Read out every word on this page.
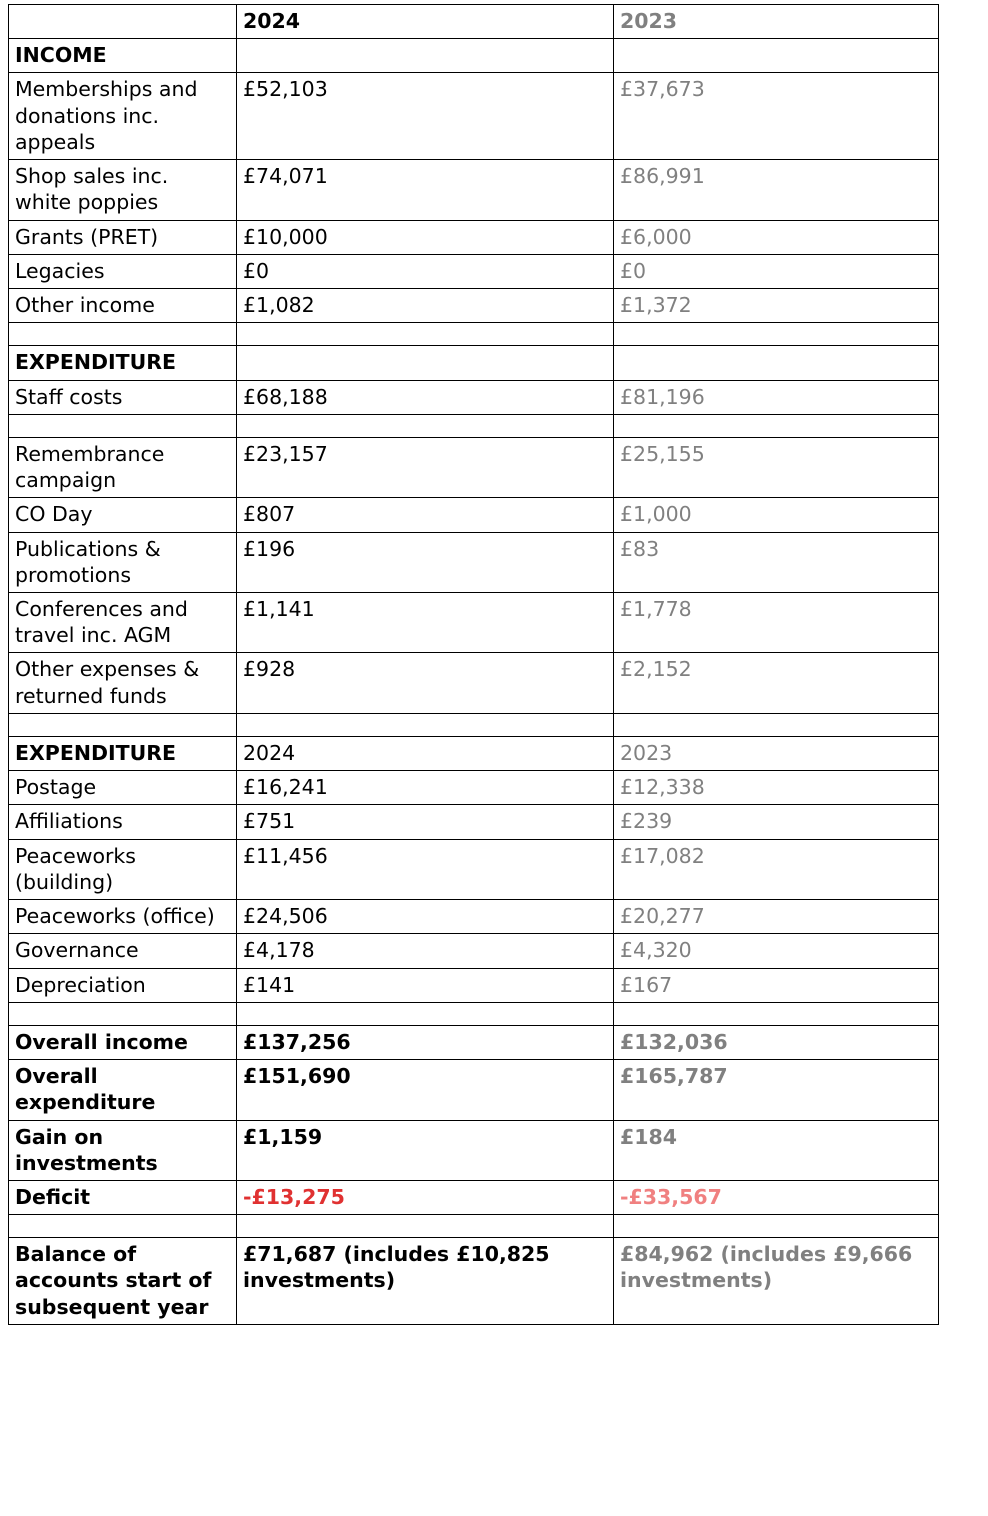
	2024	2023
INCOME		
Memberships and donations inc. appeals	£52,103	£37,673
Shop sales inc. white poppies	£74,071	£86,991
Grants (PRET)	£10,000	£6,000
Legacies	£0	£0
Other income	£1,082	£1,372

EXPENDITURE		
Staff costs	£68,188	£81,196

Remembrance campaign	£23,157	£25,155
CO Day	£807	£1,000
Publications & promotions	£196	£83
Conferences and travel inc. AGM	£1,141	£1,778
Other expenses & returned funds	£928	£2,152

EXPENDITURE	2024	2023
Postage	£16,241	£12,338
Affiliations	£751	£239
Peaceworks (building)	£11,456	£17,082
Peaceworks (office)	£24,506	£20,277
Governance	£4,178	£4,320
Depreciation	£141	£167

Overall income	£137,256	£132,036
Overall expenditure	£151,690	£165,787
Gain on investments	£1,159	£184
Deficit	-£13,275	-£33,567

Balance of accounts start of subsequent year	£71,687 (includes £10,825 investments)	£84,962 (includes £9,666 investments)
